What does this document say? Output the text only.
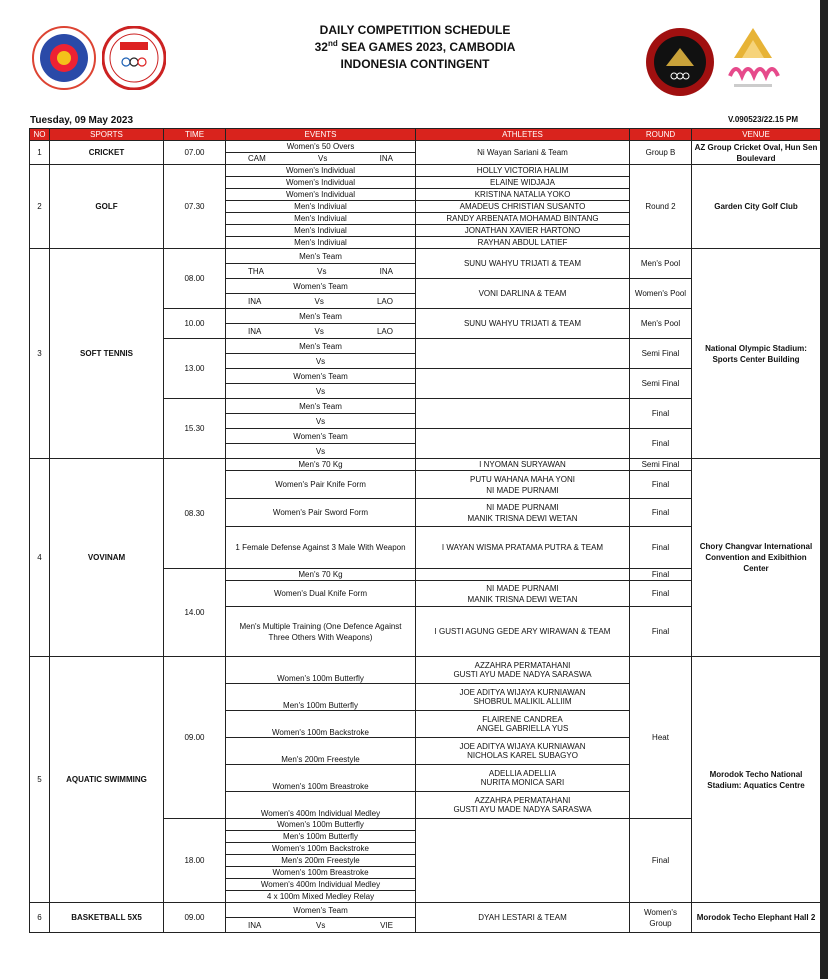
DAILY COMPETITION SCHEDULE
32nd SEA GAMES 2023, CAMBODIA
INDONESIA CONTINGENT
Tuesday, 09 May 2023	V.090523/22.15 PM
NO	SPORTS	TIME	EVENTS	ATHLETES	ROUND	VENUE
1	CRICKET	07.00	Women's 50 Overs	Ni Wayan Sariani & Team	Group B	AZ Group Cricket Oval, Hun Sen Boulevard

			CAM Vs INA			

2	GOLF	07.30	Women's Individual	HOLLY VICTORIA HALIM	Round 2	Garden City Golf Club
			Women's Individual	ELAINE WIDJAJA		
			Women's Individual	KRISTINA NATALIA YOKO		
			Men's Indiviual	AMADEUS CHRISTIAN SUSANTO		
			Men's Indiviual	RANDY ARBENATA MOHAMAD BINTANG		
			Men's Indiviual	JONATHAN XAVIER HARTONO		
			Men's Indiviual	RAYHAN ABDUL LATIEF		
3	SOFT TENNIS	08.00	Men's Team	SUNU WAHYU TRIJATI & TEAM	Men's Pool	National Olympic Stadium: Sports Center Building

			THA Vs INA			

			Women's Team	VONI DARLINA & TEAM	Women's Pool	

			INA Vs LAO			

		10.00	Men's Team	SUNU WAHYU TRIJATI & TEAM	Men's Pool	

			INA Vs LAO			

		13.00	Men's Team		Semi Final	
			Vs			
			Women's Team		Semi Final	
			Vs			
		15.30	Men's Team		Final	
			Vs			
			Women's Team		Final	
			Vs			
4	VOVINAM	08.30	Men's 70 Kg	I NYOMAN SURYAWAN	Semi Final	Chory Changvar International Convention and Exibithion Center
			Women's Pair Knife Form	PUTU WAHANA MAHA YONI
NI MADE PURNAMI	Final	
			Women's Pair Sword Form	NI MADE PURNAMI
MANIK TRISNA DEWI WETAN	Final	
			1 Female Defense Against 3 Male With Weapon	I WAYAN WISMA PRATAMA PUTRA & TEAM	Final	
		14.00	Men's 70 Kg		Final	
			Women's Dual Knife Form	NI MADE PURNAMI
MANIK TRISNA DEWI WETAN	Final	
			Men's Multiple Training (One Defence Against Three Others With Weapons)	I GUSTI AGUNG GEDE ARY WIRAWAN & TEAM	Final	
5	AQUATIC SWIMMING	09.00	Women's 100m Butterfly	AZZAHRA PERMATAHANI
GUSTI AYU MADE NADYA SARASWA	Heat	Morodok Techo National Stadium: Aquatics Centre
			Men's 100m Butterfly	JOE ADITYA WIJAYA KURNIAWAN
SHOBRUL MALIKIL ALLIIM		

			Women's 100m Backstroke	FLAIRENE CANDREA
ANGEL GABRIELLA YUS		

			Men's 200m Freestyle	JOE ADITYA WIJAYA KURNIAWAN
NICHOLAS KAREL SUBAGYO		

			Women's 100m Breastroke	ADELLIA ADELLIA
NURITA MONICA SARI		

			Women's 400m Individual Medley	AZZAHRA PERMATAHANI
GUSTI AYU MADE NADYA SARASWA		

		18.00	Women's 100m Butterfly		Final	
			Men's 100m Butterfly			
			Women's 100m Backstroke			
			Men's 200m Freestyle			
			Women's 100m Breastroke			
			Women's 400m Individual Medley			
			4 x 100m Mixed Medley Relay			
6	BASKETBALL 5X5	09.00	Women's Team	DYAH LESTARI & TEAM	Women's Group	Morodok Techo Elephant Hall 2

			INA Vs VIE			
